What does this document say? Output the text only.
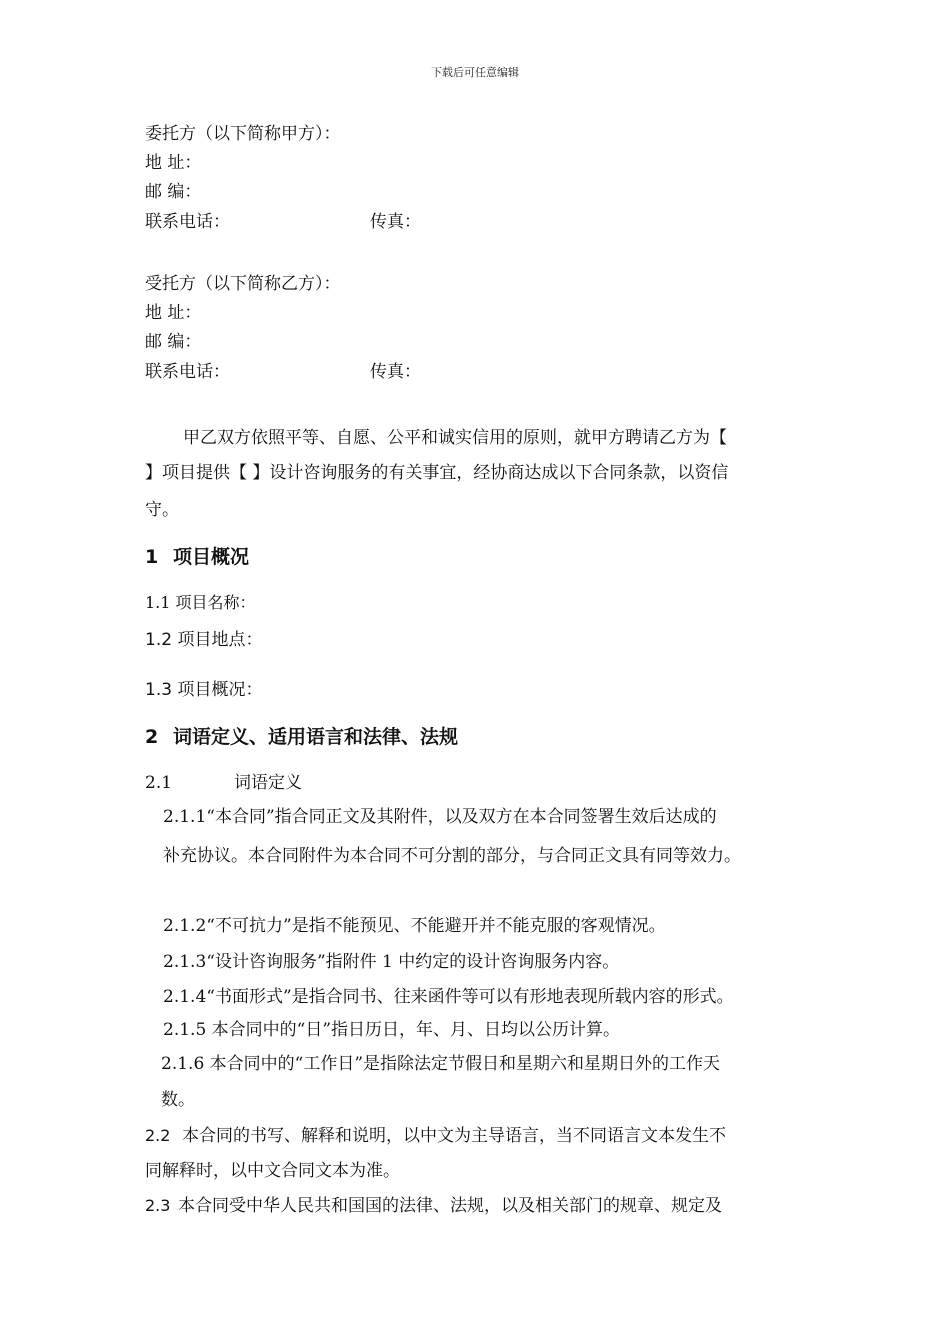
下载后可任意编辑
委托方（以下简称甲方）：
地 址：
邮 编：
联系电话：	传真：
受托方（以下简称乙方）：
地 址：
邮 编：
联系电话：	传真：
甲乙双方依照平等、自愿、公平和诚实信用的原则，就甲方聘请乙方为【
】项目提供【 】设计咨询服务的有关事宜，经协商达成以下合同条款，以资信
守。
1 项目概况
1.1 项目名称：
1.2 项目地点：
1.3 项目概况：
2 词语定义、适用语言和法律、法规
2.1	词语定义
2.1.1“本合同”指合同正文及其附件，以及双方在本合同签署生效后达成的
补充协议。本合同附件为本合同不可分割的部分，与合同正文具有同等效力。
2.1.2“不可抗力”是指不能预见、不能避开并不能克服的客观情况。
2.1.3“设计咨询服务”指附件 1 中约定的设计咨询服务内容。
2.1.4“书面形式”是指合同书、往来函件等可以有形地表现所载内容的形式。
2.1.5 本合同中的“日”指日历日，年、月、日均以公历计算。
2.1.6 本合同中的“工作日”是指除法定节假日和星期六和星期日外的工作天
数。
2.2 本合同的书写、解释和说明，以中文为主导语言，当不同语言文本发生不
同解释时，以中文合同文本为准。
2.3 本合同受中华人民共和国国的法律、法规，以及相关部门的规章、规定及
